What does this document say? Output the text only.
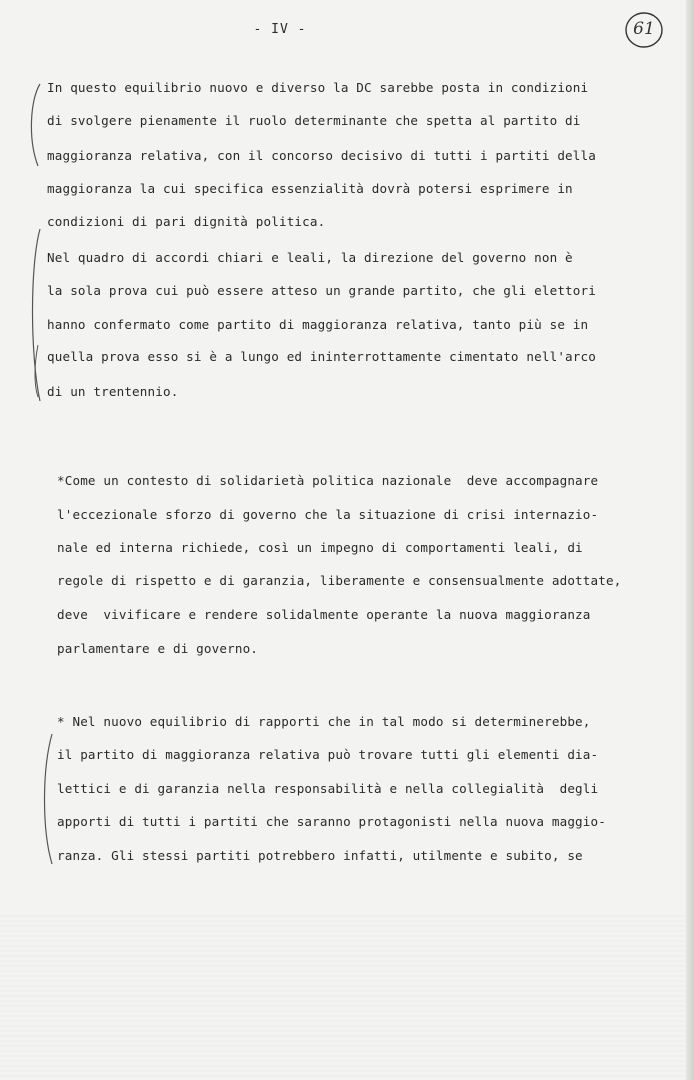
- IV -	61
In questo equilibrio nuovo e diverso la DC sarebbe posta in condizioni
di svolgere pienamente il ruolo determinante che spetta al partito di
maggioranza relativa, con il concorso decisivo di tutti i partiti della
maggioranza la cui specifica essenzialità dovrà potersi esprimere in
condizioni di pari dignità politica.
Nel quadro di accordi chiari e leali, la direzione del governo non è
la sola prova cui può essere atteso un grande partito, che gli elettori
hanno confermato come partito di maggioranza relativa, tanto più se in
quella prova esso si è a lungo ed ininterrottamente cimentato nell'arco
di un trentennio.
*Come un contesto di solidarietà politica nazionale  deve accompagnare
l'eccezionale sforzo di governo che la situazione di crisi internazio-
nale ed interna richiede, così un impegno di comportamenti leali, di
regole di rispetto e di garanzia, liberamente e consensualmente adottate,
deve  vivificare e rendere solidalmente operante la nuova maggioranza
parlamentare e di governo.
* Nel nuovo equilibrio di rapporti che in tal modo si determinerebbe,
il partito di maggioranza relativa può trovare tutti gli elementi dia-
lettici e di garanzia nella responsabilità e nella collegialità  degli
apporti di tutti i partiti che saranno protagonisti nella nuova maggio-
ranza. Gli stessi partiti potrebbero infatti, utilmente e subito, se
